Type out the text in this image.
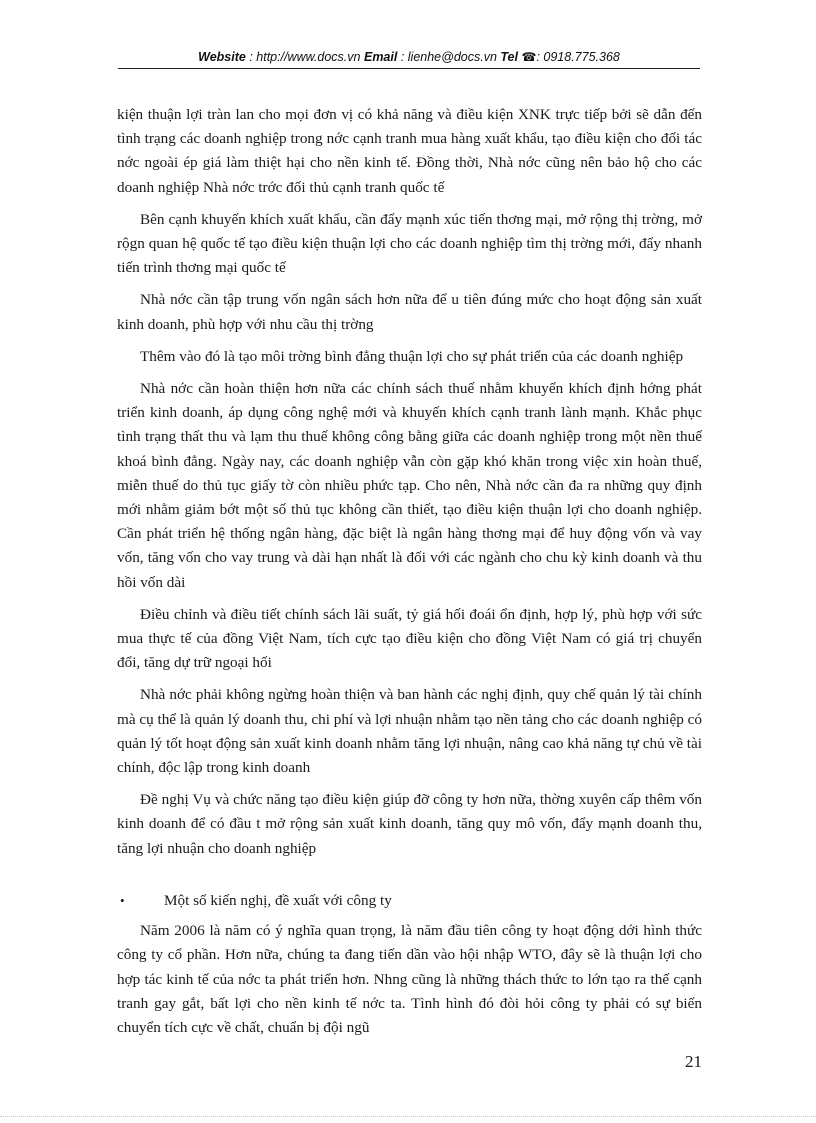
Website : http://www.docs.vn Email : lienhe@docs.vn Tel ☎: 0918.775.368

kiện thuận lợi tràn lan cho mọi đơn vị có khả năng và điều kiện XNK trực tiếp bởi sẽ dẫn đến tình trạng các doanh nghiệp trong nớc cạnh tranh mua hàng xuất khẩu, tạo điều kiện cho đối tác nớc ngoài ép giá làm thiệt hại cho nền kinh tế. Đồng thời, Nhà nớc cũng nên bảo hộ cho các doanh nghiệp Nhà nớc trớc đối thủ cạnh tranh quốc tế

Bên cạnh khuyến khích xuất khẩu, cần đẩy mạnh xúc tiến thơng mại, mở rộng thị trờng, mở rộgn quan hệ quốc tế tạo điều kiện thuận lợi cho các doanh nghiệp tìm thị trờng mới, đẩy nhanh tiến trình thơng mại quốc tế

Nhà nớc cần tập trung vốn ngân sách hơn nữa để u tiên đúng mức cho hoạt động sản xuất kinh doanh, phù hợp với nhu cầu thị trờng

Thêm vào đó là tạo môi trờng bình đẳng thuận lợi cho sự phát triển của các doanh nghiệp

Nhà nớc cần hoàn thiện hơn nữa các chính sách thuế nhằm khuyến khích định hớng phát triển kinh doanh, áp dụng công nghệ mới và khuyến khích cạnh tranh lành mạnh. Khắc phục tình trạng thất thu và lạm thu thuế không công bằng giữa các doanh nghiệp trong một nền thuế khoá bình đẳng. Ngày nay, các doanh nghiệp vẫn còn gặp khó khăn trong việc xin hoàn thuế, miễn thuế do thủ tục giấy tờ còn nhiều phức tạp. Cho nên, Nhà nớc cần đa ra những quy định mới nhằm giảm bớt một số thủ tục không cần thiết, tạo điều kiện thuận lợi cho doanh nghiệp. Cần phát triển hệ thống ngân hàng, đặc biệt là ngân hàng thơng mại để huy động vốn và vay vốn, tăng vốn cho vay trung và dài hạn nhất là đối với các ngành cho chu kỳ kinh doanh và thu hồi vốn dài

Điều chỉnh và điều tiết chính sách lãi suất, tỷ giá hối đoái ổn định, hợp lý, phù hợp với sức mua thực tế của đồng Việt Nam, tích cực tạo điều kiện cho đồng Việt Nam có giá trị chuyển đổi, tăng dự trữ ngoại hối

Nhà nớc phải không ngừng hoàn thiện và ban hành các nghị định, quy chế quản lý tài chính mà cụ thể là quản lý doanh thu, chi phí và lợi nhuận nhằm tạo nền tảng cho các doanh nghiệp có quản lý tốt hoạt động sản xuất kinh doanh nhằm tăng lợi nhuận, nâng cao khả năng tự chủ về tài chính, độc lập trong kinh doanh

Đề nghị Vụ và chức năng tạo điều kiện giúp đỡ công ty hơn nữa, thờng xuyên cấp thêm vốn kinh doanh để có đầu t mở rộng sản xuất kinh doanh, tăng quy mô vốn, đẩy mạnh doanh thu, tăng lợi nhuận cho doanh nghiệp

•	Một số kiến nghị, đề xuất với công ty

Năm 2006 là năm có ý nghĩa quan trọng, là năm đầu tiên công ty hoạt động dới hình thức công ty cổ phần. Hơn nữa, chúng ta đang tiến dần vào hội nhập WTO, đây sẽ là thuận lợi cho hợp tác kinh tế của nớc ta phát triển hơn. Nhng cũng là những thách thức to lớn tạo ra thế cạnh tranh gay gắt, bất lợi cho nền kinh tế nớc ta. Tình hình đó đòi hỏi công ty phải có sự biến chuyển tích cực về chất, chuẩn bị đội ngũ

21
